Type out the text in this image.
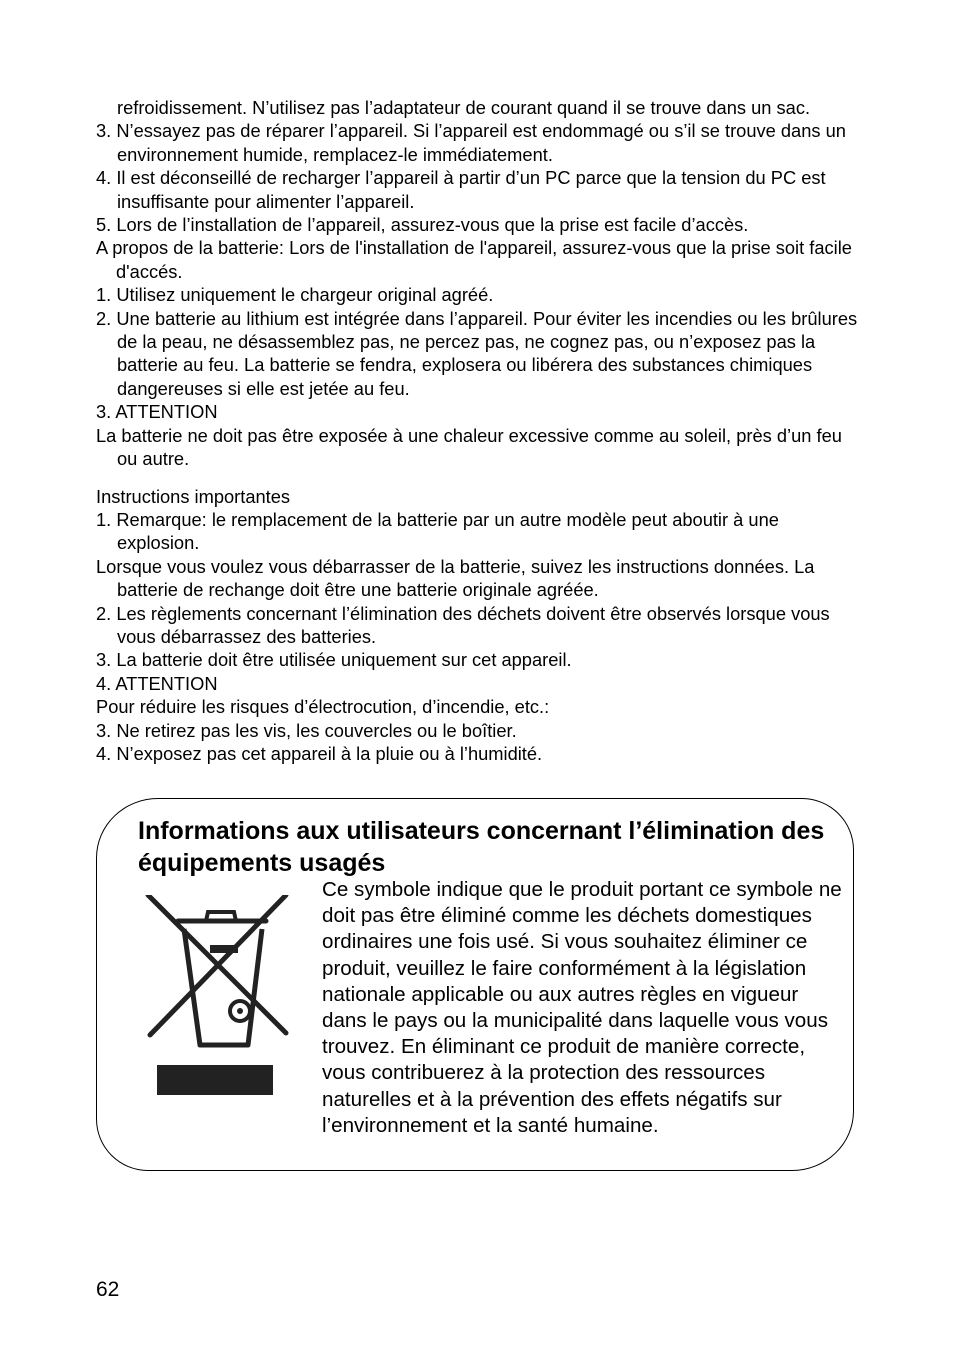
refroidissement. N’utilisez pas l’adaptateur de courant quand il se trouve dans un sac.

3. N’essayez pas de réparer l’appareil. Si l’appareil est endommagé ou s’il se trouve dans un environnement humide, remplacez-le immédiatement.

4. Il est déconseillé de recharger l’appareil à partir d’un PC parce que la tension du PC est insuffisante pour alimenter l’appareil.

5. Lors de l’installation de l’appareil, assurez-vous que la prise est facile d’accès.

A propos de la batterie: Lors de l'installation de l'appareil, assurez-vous que la prise soit facile d'accés.

1. Utilisez uniquement le chargeur original agréé.

2. Une batterie au lithium est intégrée dans l’appareil. Pour éviter les incendies ou les brûlures de la peau, ne désassemblez pas, ne percez pas, ne cognez pas, ou n’exposez pas la batterie au feu. La batterie se fendra, explosera ou libérera des substances chimiques dangereuses si elle est jetée au feu.

3. ATTENTION

La batterie ne doit pas être exposée à une chaleur excessive comme au soleil, près d’un feu ou autre.

Instructions importantes

1. Remarque: le remplacement de la batterie par un autre modèle peut aboutir à une explosion.

Lorsque vous voulez vous débarrasser de la batterie, suivez les instructions données. La batterie de rechange doit être une batterie originale agréée.

2. Les règlements concernant l’élimination des déchets doivent être observés lorsque vous vous débarrassez des batteries.

3. La batterie doit être utilisée uniquement sur cet appareil.

4. ATTENTION

Pour réduire les risques d’électrocution, d’incendie, etc.:

3. Ne retirez pas les vis, les couvercles ou le boîtier.

4. N’exposez pas cet appareil à la pluie ou à l’humidité.

Informations aux utilisateurs concernant l’élimination des équipements usagés

Ce symbole indique que le produit portant ce symbole ne doit pas être éliminé comme les déchets domestiques ordinaires une fois usé. Si vous souhaitez éliminer ce produit, veuillez le faire conformément à la législation nationale applicable ou aux autres règles en vigueur dans le pays ou la municipalité dans laquelle vous vous trouvez. En éliminant ce produit de manière correcte, vous contribuerez à la protection des ressources naturelles et à la prévention des effets négatifs sur l’environnement et la santé humaine.

62
